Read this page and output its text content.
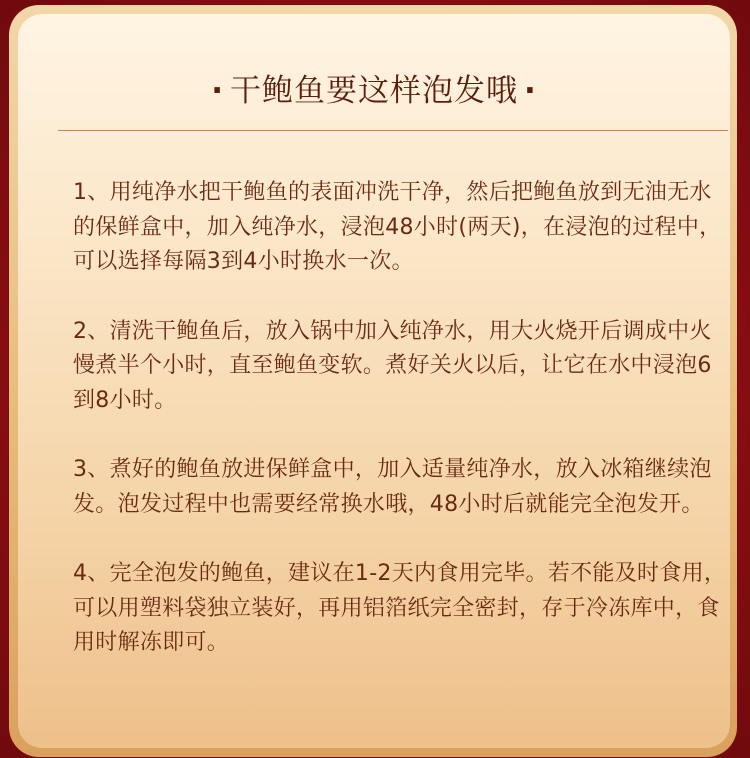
· 干鲍鱼要这样泡发哦 ·

1、用纯净水把干鲍鱼的表面冲洗干净，然后把鲍鱼放到无油无水的保鲜盒中，加入纯净水，浸泡48小时(两天)，在浸泡的过程中，可以选择每隔3到4小时换水一次。

2、清洗干鲍鱼后，放入锅中加入纯净水，用大火烧开后调成中火慢煮半个小时，直至鲍鱼变软。煮好关火以后，让它在水中浸泡6到8小时。

3、煮好的鲍鱼放进保鲜盒中，加入适量纯净水，放入冰箱继续泡发。泡发过程中也需要经常换水哦，48小时后就能完全泡发开。

4、完全泡发的鲍鱼，建议在1-2天内食用完毕。若不能及时食用，可以用塑料袋独立装好，再用铝箔纸完全密封，存于冷冻库中，食用时解冻即可。
